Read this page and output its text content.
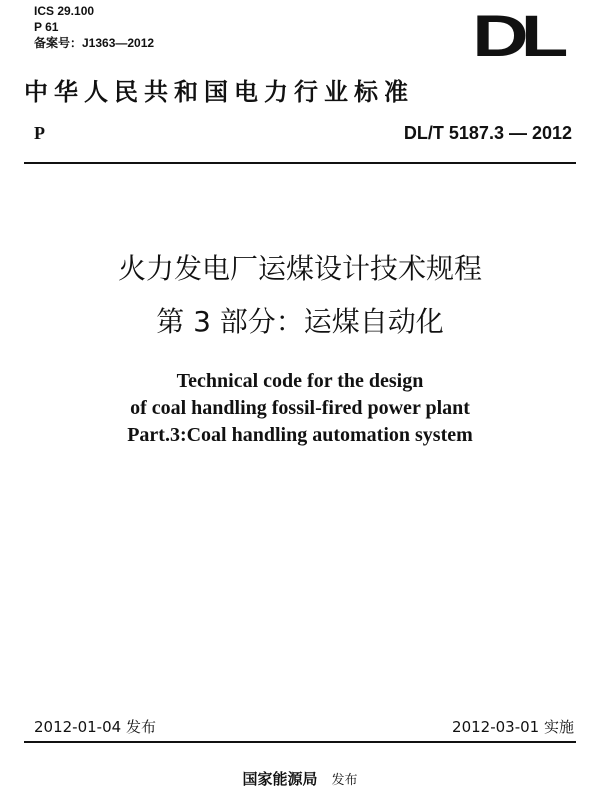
ICS 29.100
P 61
备案号：J1363—2012	DL
中华人民共和国电力行业标准
P	DL/T 5187.3 — 2012
火力发电厂运煤设计技术规程
第 3 部分：运煤自动化
Technical code for the design
of coal handling fossil-fired power plant
Part.3:Coal handling automation system
2012-01-04 发布	2012-03-01 实施
国家能源局 发布
